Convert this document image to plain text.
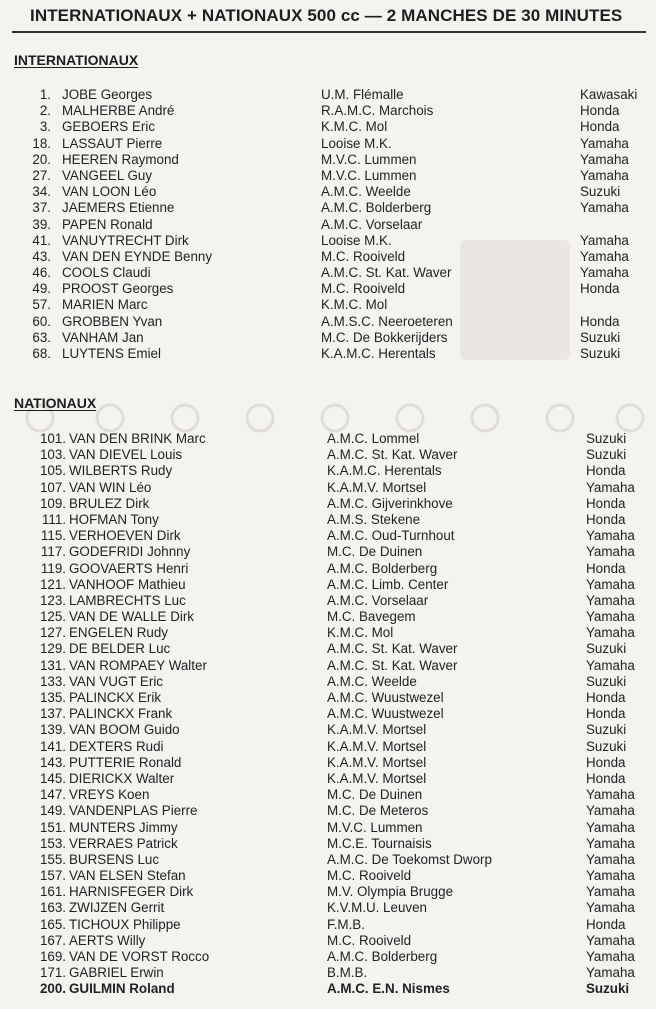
INTERNATIONAUX + NATIONAUX 500 cc — 2 MANCHES DE 30 MINUTES
INTERNATIONAUX
1. JOBE Georges	U.M. Flémalle	Kawasaki
2. MALHERBE André	R.A.M.C. Marchois	Honda
3. GEBOERS Eric	K.M.C. Mol	Honda
18. LASSAUT Pierre	Looise M.K.	Yamaha
20. HEEREN Raymond	M.V.C. Lummen	Yamaha
27. VANGEEL Guy	M.V.C. Lummen	Yamaha
34. VAN LOON Léo	A.M.C. Weelde	Suzuki
37. JAEMERS Etienne	A.M.C. Bolderberg	Yamaha
39. PAPEN Ronald	A.M.C. Vorselaar
41. VANUYTRECHT Dirk	Looise M.K.	Yamaha
43. VAN DEN EYNDE Benny	M.C. Rooiveld	Yamaha
46. COOLS Claudi	A.M.C. St. Kat. Waver	Yamaha
49. PROOST Georges	M.C. Rooiveld	Honda
57. MARIEN Marc	K.M.C. Mol
60. GROBBEN Yvan	A.M.S.C. Neeroeteren	Honda
63. VANHAM Jan	M.C. De Bokkerijders	Suzuki
68. LUYTENS Emiel	K.A.M.C. Herentals	Suzuki
NATIONAUX
101. VAN DEN BRINK Marc	A.M.C. Lommel	Suzuki
103. VAN DIEVEL Louis	A.M.C. St. Kat. Waver	Suzuki
105. WILBERTS Rudy	K.A.M.C. Herentals	Honda
107. VAN WIN Léo	K.A.M.V. Mortsel	Yamaha
109. BRULEZ Dirk	A.M.C. Gijverinkhove	Honda
111. HOFMAN Tony	A.M.S. Stekene	Honda
115. VERHOEVEN Dirk	A.M.C. Oud-Turnhout	Yamaha
117. GODEFRIDI Johnny	M.C. De Duinen	Yamaha
119. GOOVAERTS Henri	A.M.C. Bolderberg	Honda
121. VANHOOF Mathieu	A.M.C. Limb. Center	Yamaha
123. LAMBRECHTS Luc	A.M.C. Vorselaar	Yamaha
125. VAN DE WALLE Dirk	M.C. Bavegem	Yamaha
127. ENGELEN Rudy	K.M.C. Mol	Yamaha
129. DE BELDER Luc	A.M.C. St. Kat. Waver	Suzuki
131. VAN ROMPAEY Walter	A.M.C. St. Kat. Waver	Yamaha
133. VAN VUGT Eric	A.M.C. Weelde	Suzuki
135. PALINCKX Erik	A.M.C. Wuustwezel	Honda
137. PALINCKX Frank	A.M.C. Wuustwezel	Honda
139. VAN BOOM Guido	K.A.M.V. Mortsel	Suzuki
141. DEXTERS Rudi	K.A.M.V. Mortsel	Suzuki
143. PUTTERIE Ronald	K.A.M.V. Mortsel	Honda
145. DIERICKX Walter	K.A.M.V. Mortsel	Honda
147. VREYS Koen	M.C. De Duinen	Yamaha
149. VANDENPLAS Pierre	M.C. De Meteros	Yamaha
151. MUNTERS Jimmy	M.V.C. Lummen	Yamaha
153. VERRAES Patrick	M.C.E. Tournaisis	Yamaha
155. BURSENS Luc	A.M.C. De Toekomst Dworp	Yamaha
157. VAN ELSEN Stefan	M.C. Rooiveld	Yamaha
161. HARNISFEGER Dirk	M.V. Olympia Brugge	Yamaha
163. ZWIJZEN Gerrit	K.V.M.U. Leuven	Yamaha
165. TICHOUX Philippe	F.M.B.	Honda
167. AERTS Willy	M.C. Rooiveld	Yamaha
169. VAN DE VORST Rocco	A.M.C. Bolderberg	Yamaha
171. GABRIEL Erwin	B.M.B.	Yamaha
200. GUILMIN Roland	A.M.C. E.N. Nismes	Suzuki
